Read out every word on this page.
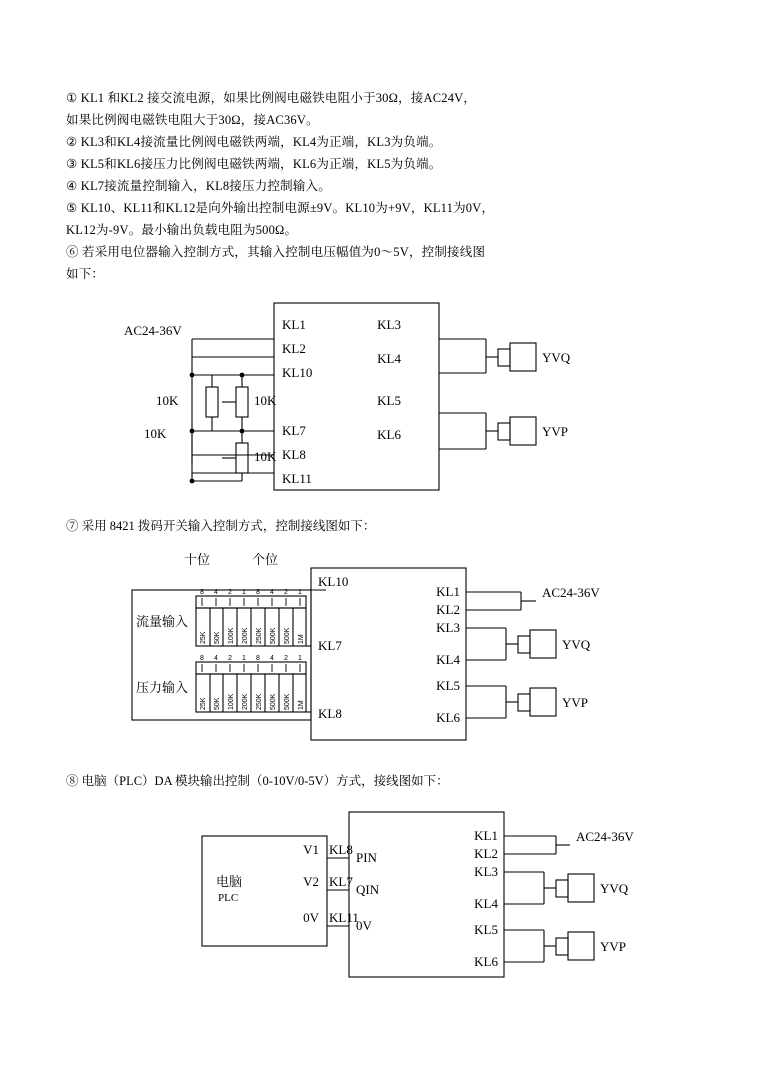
① KL1 和KL2 接交流电源，如果比例阀电磁铁电阻小于30Ω，接AC24V，

如果比例阀电磁铁电阻大于30Ω，接AC36V。

② KL3和KL4接流量比例阀电磁铁两端，KL4为正端，KL3为负端。

③ KL5和KL6接压力比例阀电磁铁两端，KL6为正端，KL5为负端。

④ KL7接流量控制输入，KL8接压力控制输入。

⑤ KL10、KL11和KL12是向外输出控制电源±9V。KL10为+9V，KL11为0V，

KL12为-9V。最小输出负载电阻为500Ω。

⑥ 若采用电位器输入控制方式，其输入控制电压幅值为0～5V，控制接线图

如下：

AC24-36V	KL1
KL2
KL10
KL7
KL8
KL11
KL3
KL4
KL5
KL6
YVQ
YVP
10K	10K
10K
10K

⑦ 采用 8421 拨码开关输入控制方式，控制接线图如下：

十位	个位
流量输入
压力输入
KL10
KL7
KL8
KL1
KL2
KL3
KL4
KL5
KL6
AC24-36V
YVQ
YVP
8 4 2 1 8 4 2 1
8 4 2 1 8 4 2 1
25K 50K 100K 200K 250K 500K 500K 1M
25K 50K 100K 200K 250K 500K 500K 1M

⑧ 电脑（PLC）DA 模块输出控制（0-10V/0-5V）方式，接线图如下：

电脑
PLC
V1
V2
0V
KL8
KL7
KL11
PIN
QIN
0V
KL1
KL2
KL3
KL4
KL5
KL6
AC24-36V
YVQ
YVP
